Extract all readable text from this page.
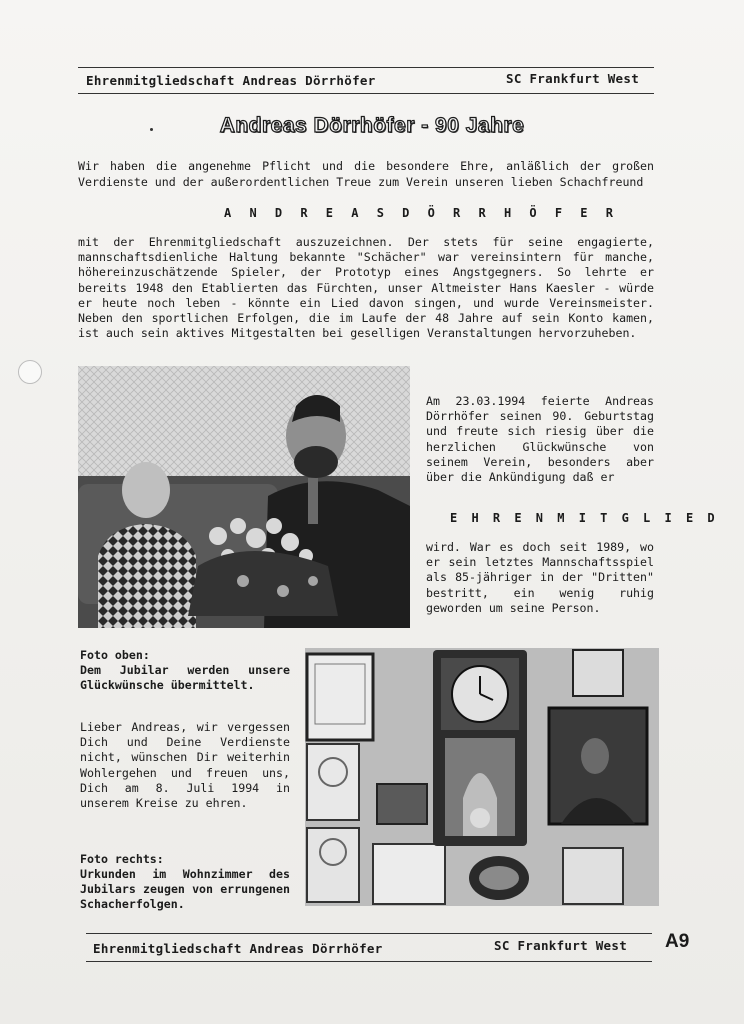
Ehrenmitgliedschaft Andreas Dörrhöfer	SC Frankfurt West
Andreas Dörrhöfer - 90 Jahre
Wir haben die angenehme Pflicht und die besondere Ehre, anläßlich der großen Verdienste und der außerordentlichen Treue zum Verein unseren lieben Schachfreund
A N D R E A S D Ö R R H Ö F E R
mit der Ehrenmitgliedschaft auszuzeichnen. Der stets für seine engagierte, mannschaftsdienliche Haltung bekannte "Schächer" war vereinsintern für manche, höhereinzuschätzende Spieler, der Prototyp eines Angstgegners. So lehrte er bereits 1948 den Etablierten das Fürchten, unser Altmeister Hans Kaesler - würde er heute noch leben - könnte ein Lied davon singen, und wurde Vereinsmeister. Neben den sportlichen Erfolgen, die im Laufe der 48 Jahre auf sein Konto kamen, ist auch sein aktives Mitgestalten bei geselligen Veranstaltungen hervorzuheben.
Am 23.03.1994 feierte Andreas Dörrhöfer seinen 90. Geburtstag und freute sich riesig über die herzlichen Glückwünsche von seinem Verein, besonders aber über die Ankündigung daß er
E H R E N M I T G L I E D
wird. War es doch seit 1989, wo er sein letztes Mannschaftsspiel als 85-jähriger in der "Dritten" bestritt, ein wenig ruhig geworden um seine Person.
Foto oben:
Dem Jubilar werden unsere Glückwünsche übermittelt.
Lieber Andreas, wir vergessen Dich und Deine Verdienste nicht, wünschen Dir weiterhin Wohlergehen und freuen uns, Dich am 8. Juli 1994 in unserem Kreise zu ehren.
Foto rechts:
Urkunden im Wohnzimmer des Jubilars zeugen von errungenen Schacherfolgen.
Ehrenmitgliedschaft Andreas Dörrhöfer	SC Frankfurt West A9
